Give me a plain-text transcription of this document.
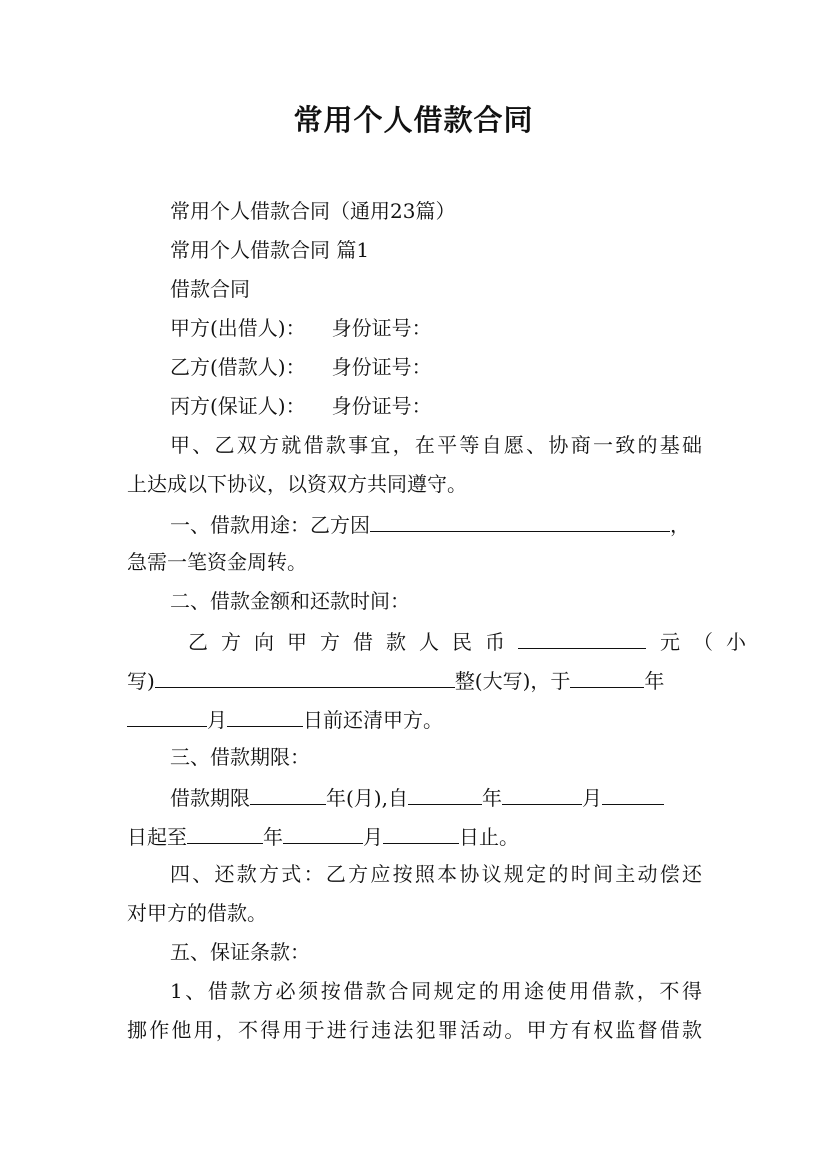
常用个人借款合同
常用个人借款合同（通用23篇）
常用个人借款合同 篇1
借款合同
甲方(出借人)： 身份证号：
乙方(借款人)： 身份证号：
丙方(保证人)： 身份证号：
甲、乙双方就借款事宜，在平等自愿、协商一致的基础
上达成以下协议，以资双方共同遵守。
一、借款用途：乙方因	，
急需一笔资金周转。
二、借款金额和还款时间：
乙方向甲方借款人民币	元（小
写)	整(大写)，于	年
月	日前还清甲方。
三、借款期限：
借款期限	年(月),自	年	月
日起至	年	月	日止。
四、还款方式：乙方应按照本协议规定的时间主动偿还
对甲方的借款。
五、保证条款：
1、借款方必须按借款合同规定的用途使用借款，不得
挪作他用，不得用于进行违法犯罪活动。甲方有权监督借款
